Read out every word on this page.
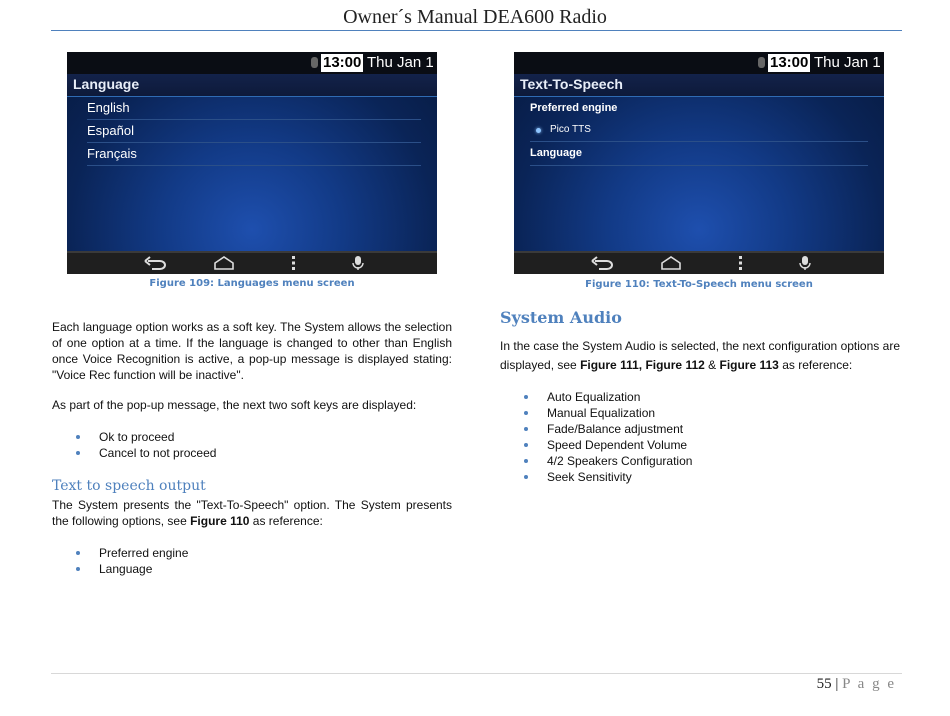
Owner´s Manual DEA600 Radio
13:00 Thu Jan 1
Language
English
Español
Français
Figure 109: Languages menu screen
13:00 Thu Jan 1
Text-To-Speech
Preferred engine
Pico TTS
Language
Figure 110: Text-To-Speech menu screen
Each language option works as a soft key. The System allows the selection of one option at a time. If the language is changed to other than English once Voice Recognition is active, a pop-up message is displayed stating: "Voice Rec function will be inactive".
As part of the pop-up message, the next two soft keys are displayed:
Ok to proceed
Cancel to not proceed
Text to speech output
The System presents the "Text-To-Speech" option. The System presents the following options, see Figure 110 as reference:
Preferred engine
Language
System Audio
In the case the System Audio is selected, the next configuration options are displayed, see Figure 111, Figure 112 & Figure 113 as reference:
Auto Equalization
Manual Equalization
Fade/Balance adjustment
Speed Dependent Volume
4/2 Speakers Configuration
Seek Sensitivity
55 | P a g e
